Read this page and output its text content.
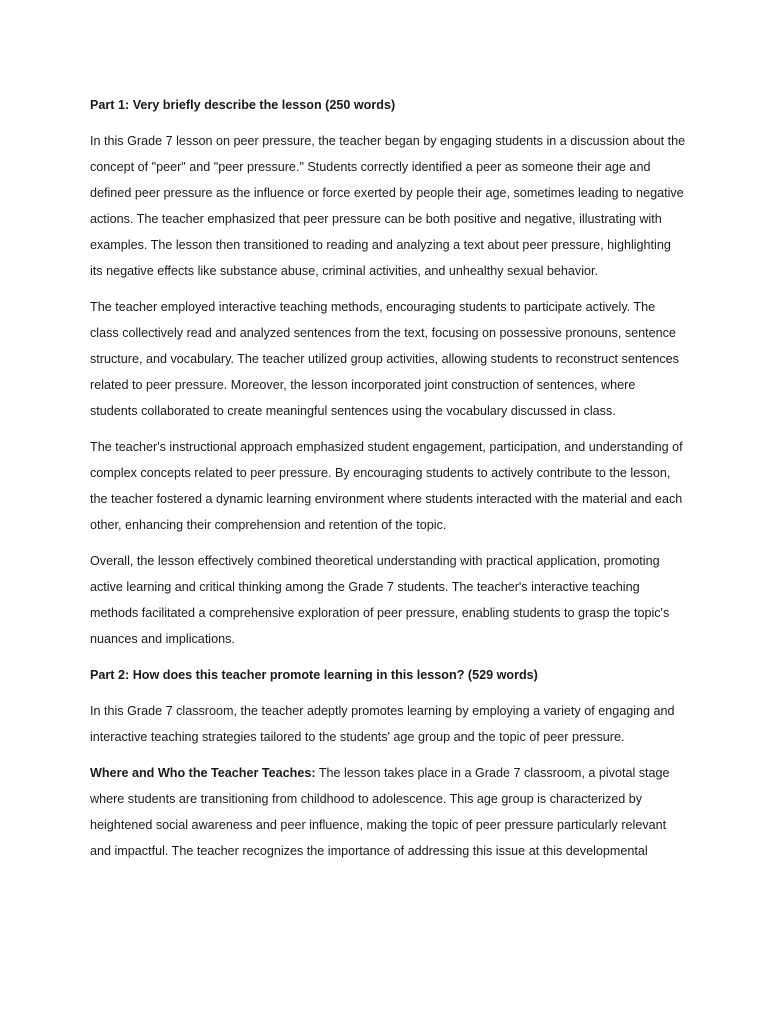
Part 1: Very briefly describe the lesson (250 words)

In this Grade 7 lesson on peer pressure, the teacher began by engaging students in a discussion about the concept of "peer" and "peer pressure." Students correctly identified a peer as someone their age and defined peer pressure as the influence or force exerted by people their age, sometimes leading to negative actions. The teacher emphasized that peer pressure can be both positive and negative, illustrating with examples. The lesson then transitioned to reading and analyzing a text about peer pressure, highlighting its negative effects like substance abuse, criminal activities, and unhealthy sexual behavior.

The teacher employed interactive teaching methods, encouraging students to participate actively. The class collectively read and analyzed sentences from the text, focusing on possessive pronouns, sentence structure, and vocabulary. The teacher utilized group activities, allowing students to reconstruct sentences related to peer pressure. Moreover, the lesson incorporated joint construction of sentences, where students collaborated to create meaningful sentences using the vocabulary discussed in class.

The teacher's instructional approach emphasized student engagement, participation, and understanding of complex concepts related to peer pressure. By encouraging students to actively contribute to the lesson, the teacher fostered a dynamic learning environment where students interacted with the material and each other, enhancing their comprehension and retention of the topic.

Overall, the lesson effectively combined theoretical understanding with practical application, promoting active learning and critical thinking among the Grade 7 students. The teacher's interactive teaching methods facilitated a comprehensive exploration of peer pressure, enabling students to grasp the topic's nuances and implications.

Part 2: How does this teacher promote learning in this lesson? (529 words)

In this Grade 7 classroom, the teacher adeptly promotes learning by employing a variety of engaging and interactive teaching strategies tailored to the students' age group and the topic of peer pressure.

Where and Who the Teacher Teaches: The lesson takes place in a Grade 7 classroom, a pivotal stage where students are transitioning from childhood to adolescence. This age group is characterized by heightened social awareness and peer influence, making the topic of peer pressure particularly relevant and impactful. The teacher recognizes the importance of addressing this issue at this developmental
